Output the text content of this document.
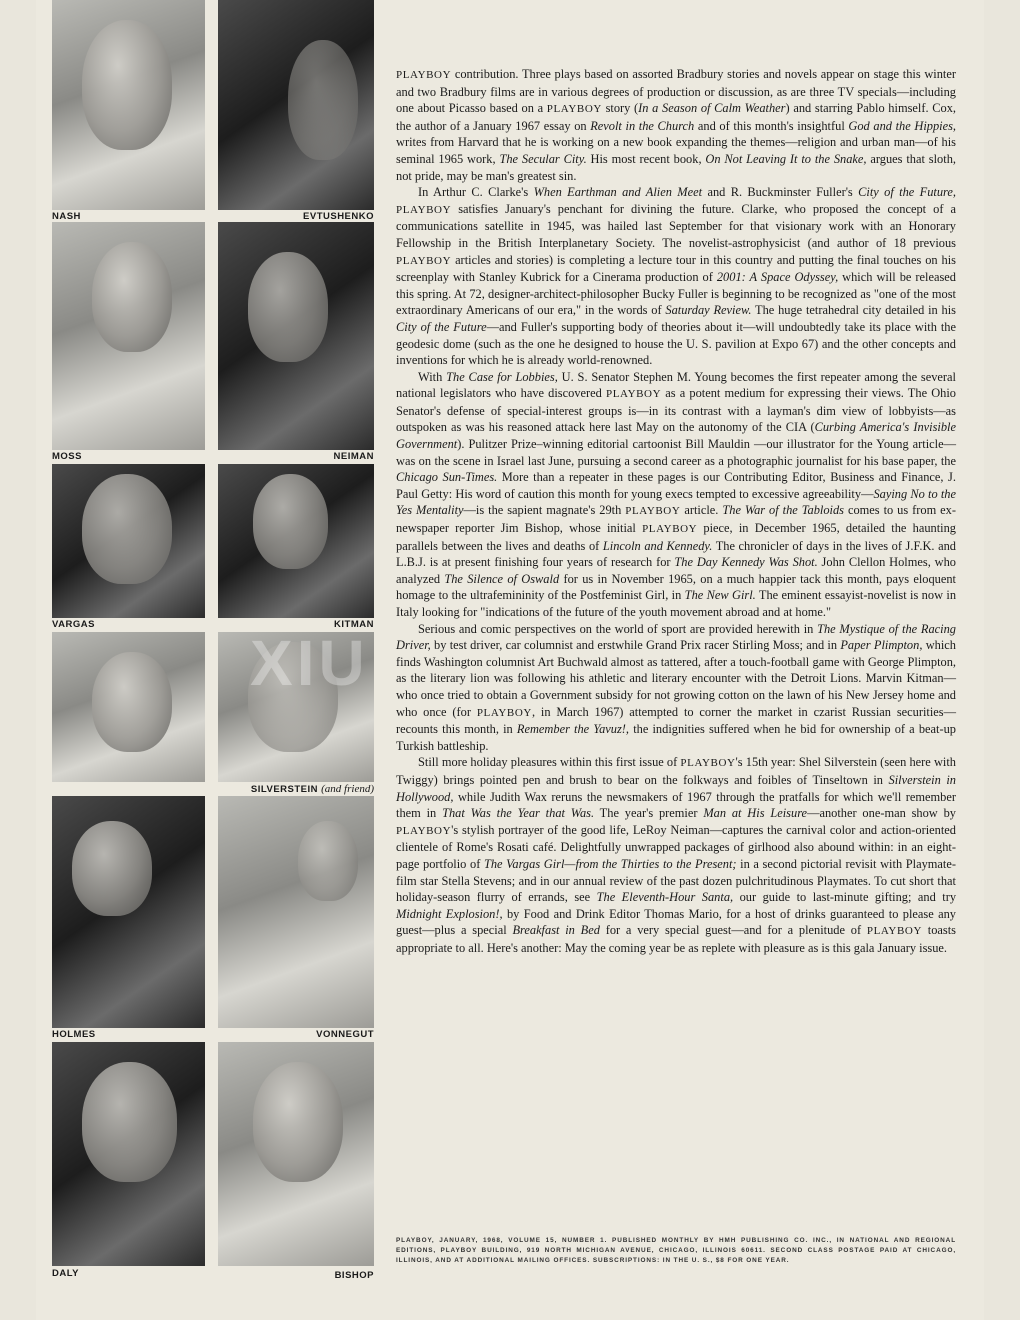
NASH	EVTUSHENKO
MOSS	NEIMAN
VARGAS	KITMAN
SILVERSTEIN (and friend)
HOLMES	VONNEGUT
DALY	BISHOP

PLAYBOY contribution. Three plays based on assorted Bradbury stories and novels appear on stage this winter and two Bradbury films are in various degrees of production or discussion, as are three TV specials—including one about Picasso based on a PLAYBOY story (In a Season of Calm Weather) and starring Pablo himself. Cox, the author of a January 1967 essay on Revolt in the Church and of this month's insightful God and the Hippies, writes from Harvard that he is working on a new book expanding the themes—religion and urban man—of his seminal 1965 work, The Secular City. His most recent book, On Not Leaving It to the Snake, argues that sloth, not pride, may be man's greatest sin.

In Arthur C. Clarke's When Earthman and Alien Meet and R. Buckminster Fuller's City of the Future, PLAYBOY satisfies January's penchant for divining the future. Clarke, who proposed the concept of a communications satellite in 1945, was hailed last September for that visionary work with an Honorary Fellowship in the British Interplanetary Society. The novelist-astrophysicist (and author of 18 previous PLAYBOY articles and stories) is completing a lecture tour in this country and putting the final touches on his screenplay with Stanley Kubrick for a Cinerama production of 2001: A Space Odyssey, which will be released this spring. At 72, designer-architect-philosopher Bucky Fuller is beginning to be recognized as "one of the most extraordinary Americans of our era," in the words of Saturday Review. The huge tetrahedral city detailed in his City of the Future—and Fuller's supporting body of theories about it—will undoubtedly take its place with the geodesic dome (such as the one he designed to house the U. S. pavilion at Expo 67) and the other concepts and inventions for which he is already world-renowned.

With The Case for Lobbies, U. S. Senator Stephen M. Young becomes the first repeater among the several national legislators who have discovered PLAYBOY as a potent medium for expressing their views. The Ohio Senator's defense of special-interest groups is—in its contrast with a layman's dim view of lobbyists—as outspoken as was his reasoned attack here last May on the autonomy of the CIA (Curbing America's Invisible Government). Pulitzer Prize–winning editorial cartoonist Bill Mauldin —our illustrator for the Young article—was on the scene in Israel last June, pursuing a second career as a photographic journalist for his base paper, the Chicago Sun-Times. More than a repeater in these pages is our Contributing Editor, Business and Finance, J. Paul Getty: His word of caution this month for young execs tempted to excessive agreeability—Saying No to the Yes Mentality—is the sapient magnate's 29th PLAYBOY article. The War of the Tabloids comes to us from ex-newspaper reporter Jim Bishop, whose initial PLAYBOY piece, in December 1965, detailed the haunting parallels between the lives and deaths of Lincoln and Kennedy. The chronicler of days in the lives of J.F.K. and L.B.J. is at present finishing four years of research for The Day Kennedy Was Shot. John Clellon Holmes, who analyzed The Silence of Oswald for us in November 1965, on a much happier tack this month, pays eloquent homage to the ultrafemininity of the Postfeminist Girl, in The New Girl. The eminent essayist-novelist is now in Italy looking for "indications of the future of the youth movement abroad and at home."

Serious and comic perspectives on the world of sport are provided herewith in The Mystique of the Racing Driver, by test driver, car columnist and erstwhile Grand Prix racer Stirling Moss; and in Paper Plimpton, which finds Washington columnist Art Buchwald almost as tattered, after a touch-football game with George Plimpton, as the literary lion was following his athletic and literary encounter with the Detroit Lions. Marvin Kitman—who once tried to obtain a Government subsidy for not growing cotton on the lawn of his New Jersey home and who once (for PLAYBOY, in March 1967) attempted to corner the market in czarist Russian securities—recounts this month, in Remember the Yavuz!, the indignities suffered when he bid for ownership of a beat-up Turkish battleship.

Still more holiday pleasures within this first issue of PLAYBOY's 15th year: Shel Silverstein (seen here with Twiggy) brings pointed pen and brush to bear on the folkways and foibles of Tinseltown in Silverstein in Hollywood, while Judith Wax reruns the newsmakers of 1967 through the pratfalls for which we'll remember them in That Was the Year that Was. The year's premier Man at His Leisure—another one-man show by PLAYBOY's stylish portrayer of the good life, LeRoy Neiman—captures the carnival color and action-oriented clientele of Rome's Rosati café. Delightfully unwrapped packages of girlhood also abound within: in an eight-page portfolio of The Vargas Girl—from the Thirties to the Present; in a second pictorial revisit with Playmate-film star Stella Stevens; and in our annual review of the past dozen pulchritudinous Playmates. To cut short that holiday-season flurry of errands, see The Eleventh-Hour Santa, our guide to last-minute gifting; and try Midnight Explosion!, by Food and Drink Editor Thomas Mario, for a host of drinks guaranteed to please any guest—plus a special Breakfast in Bed for a very special guest—and for a plenitude of PLAYBOY toasts appropriate to all. Here's another: May the coming year be as replete with pleasure as is this gala January issue.

PLAYBOY, JANUARY, 1968, VOLUME 15, NUMBER 1. PUBLISHED MONTHLY BY HMH PUBLISHING CO. INC., IN NATIONAL AND REGIONAL EDITIONS, PLAYBOY BUILDING, 919 NORTH MICHIGAN AVENUE, CHICAGO, ILLINOIS 60611. SECOND CLASS POSTAGE PAID AT CHICAGO, ILLINOIS, AND AT ADDITIONAL MAILING OFFICES. SUBSCRIPTIONS: IN THE U. S., $8 FOR ONE YEAR.
XIU
